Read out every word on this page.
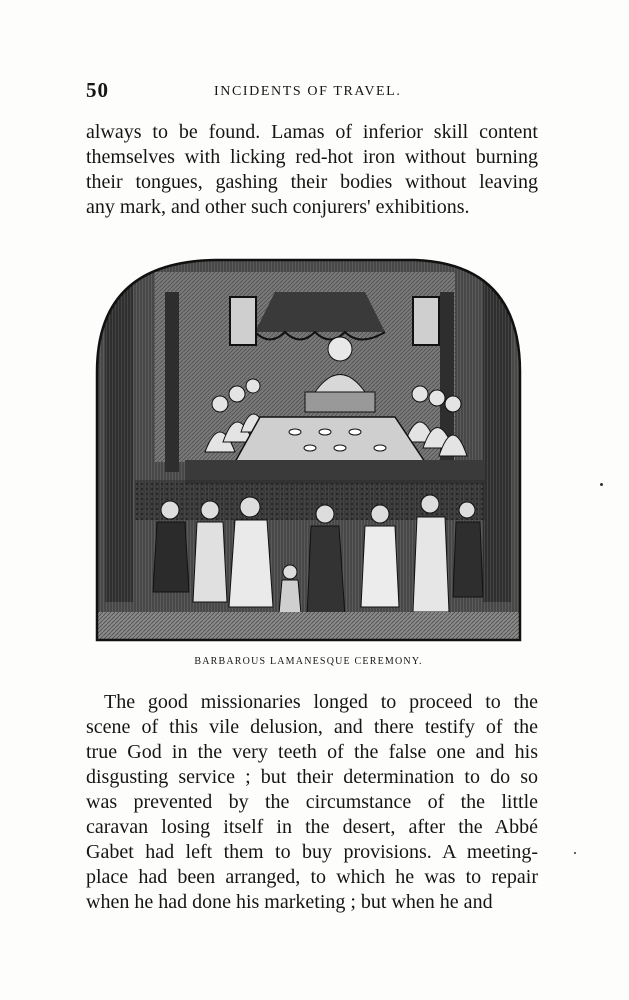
50	INCIDENTS OF TRAVEL.

always to be found. Lamas of inferior skill content
themselves with licking red-hot iron without burning
their tongues, gashing their bodies without leaving
any mark, and other such conjurers' exhibitions.

BARBAROUS LAMANESQUE CEREMONY.

The good missionaries longed to proceed to the
scene of this vile delusion, and there testify of the
true God in the very teeth of the false one and his
disgusting service ; but their determination to do so
was prevented by the circumstance of the little
caravan losing itself in the desert, after the Abbé
Gabet had left them to buy provisions. A meeting-
place had been arranged, to which he was to repair
when he had done his marketing ; but when he and
